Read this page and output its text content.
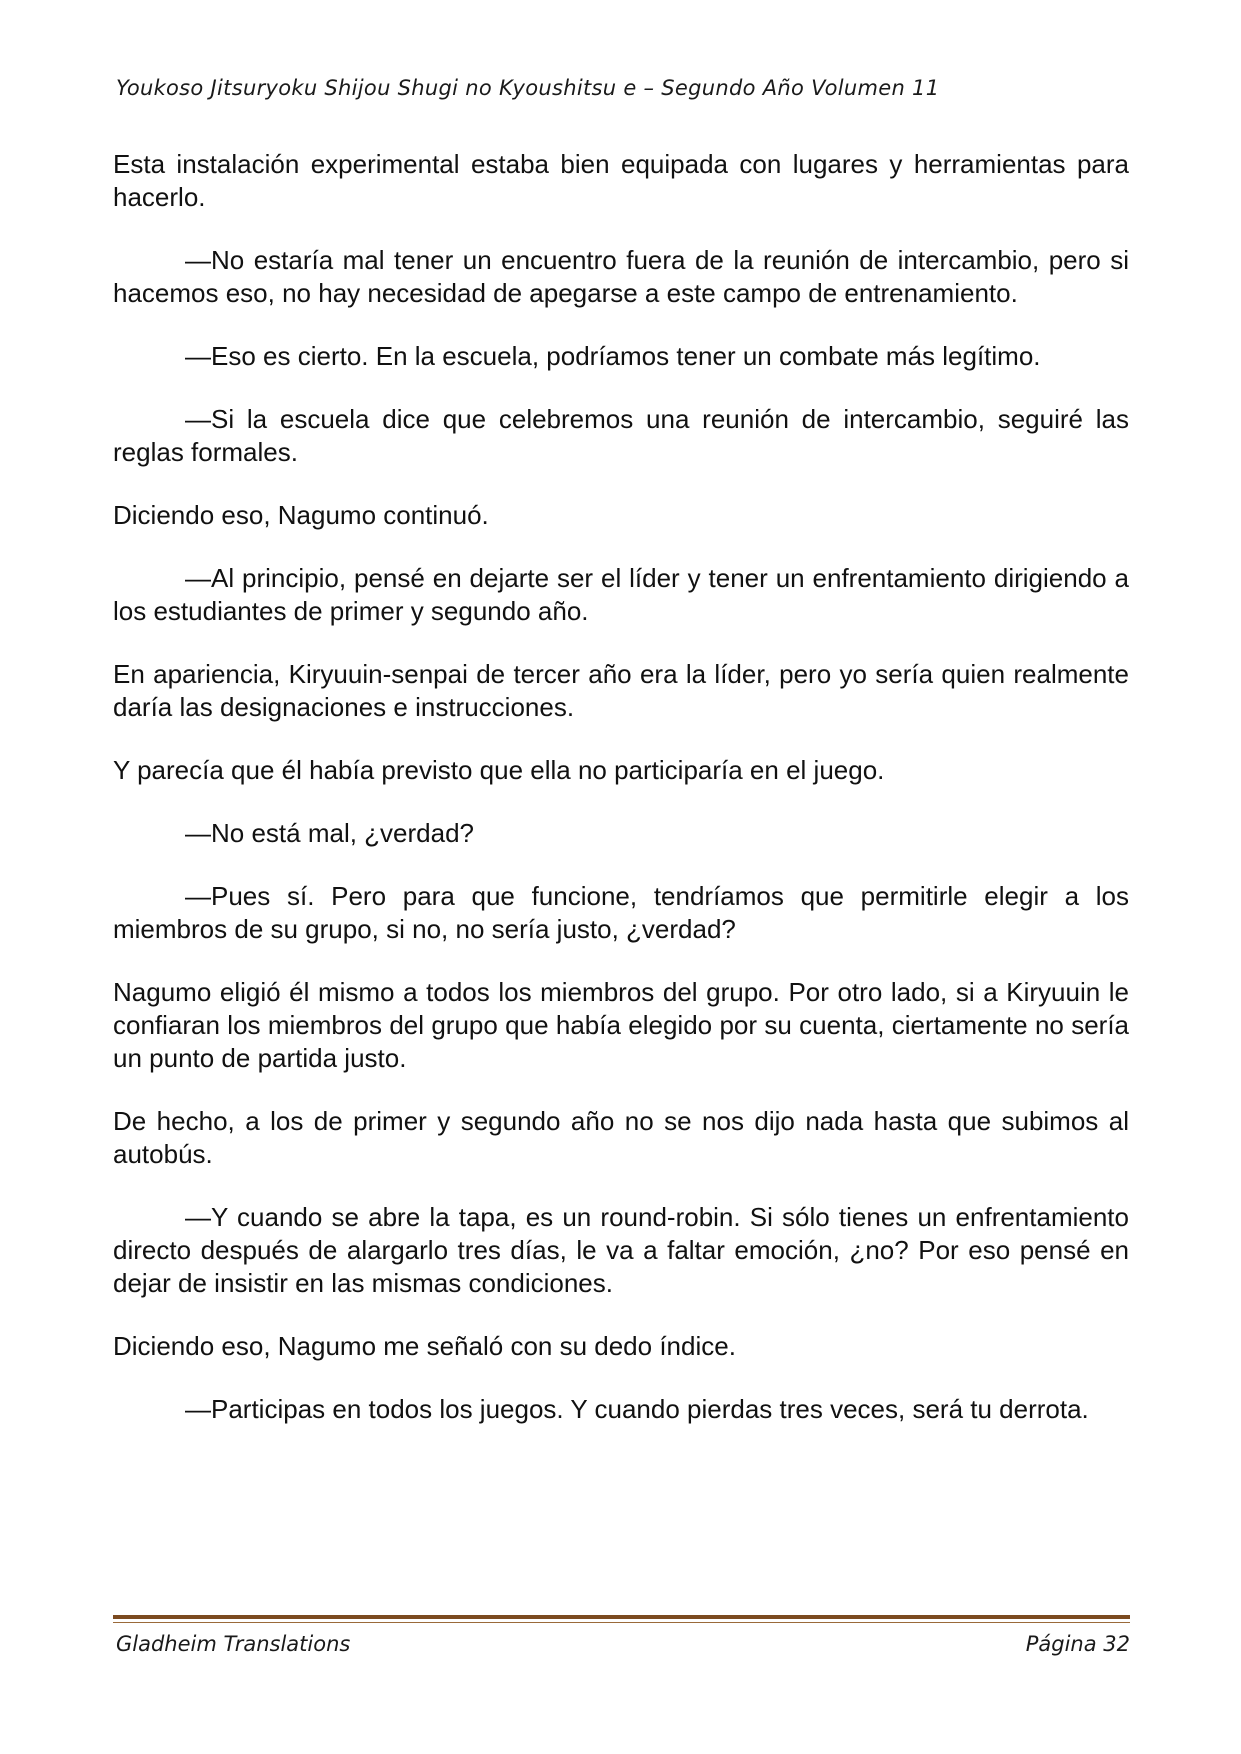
Youkoso Jitsuryoku Shijou Shugi no Kyoushitsu e – Segundo Año Volumen 11

Esta instalación experimental estaba bien equipada con lugares y herramientas para hacerlo.

—No estaría mal tener un encuentro fuera de la reunión de intercambio, pero si hacemos eso, no hay necesidad de apegarse a este campo de entrenamiento.

—Eso es cierto. En la escuela, podríamos tener un combate más legítimo.

—Si la escuela dice que celebremos una reunión de intercambio, seguiré las reglas formales.

Diciendo eso, Nagumo continuó.

—Al principio, pensé en dejarte ser el líder y tener un enfrentamiento dirigiendo a los estudiantes de primer y segundo año.

En apariencia, Kiryuuin-senpai de tercer año era la líder, pero yo sería quien realmente daría las designaciones e instrucciones.

Y parecía que él había previsto que ella no participaría en el juego.

—No está mal, ¿verdad?

—Pues sí. Pero para que funcione, tendríamos que permitirle elegir a los miembros de su grupo, si no, no sería justo, ¿verdad?

Nagumo eligió él mismo a todos los miembros del grupo. Por otro lado, si a Kiryuuin le confiaran los miembros del grupo que había elegido por su cuenta, ciertamente no sería un punto de partida justo.

De hecho, a los de primer y segundo año no se nos dijo nada hasta que subimos al autobús.

—Y cuando se abre la tapa, es un round-robin. Si sólo tienes un enfrentamiento directo después de alargarlo tres días, le va a faltar emoción, ¿no? Por eso pensé en dejar de insistir en las mismas condiciones.

Diciendo eso, Nagumo me señaló con su dedo índice.

—Participas en todos los juegos. Y cuando pierdas tres veces, será tu derrota.

Gladheim Translations	Página 32
